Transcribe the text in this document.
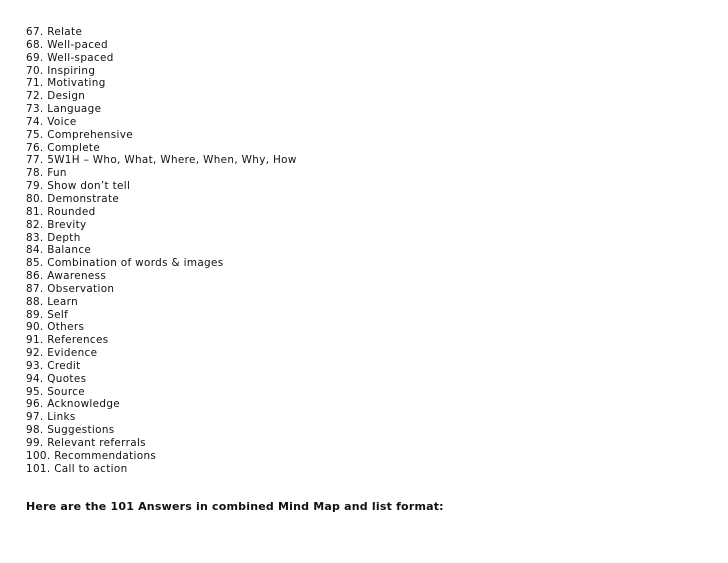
67. Relate
68. Well-paced
69. Well-spaced
70. Inspiring
71. Motivating
72. Design
73. Language
74. Voice
75. Comprehensive
76. Complete
77. 5W1H – Who, What, Where, When, Why, How
78. Fun
79. Show don’t tell
80. Demonstrate
81. Rounded
82. Brevity
83. Depth
84. Balance
85. Combination of words & images
86. Awareness
87. Observation
88. Learn
89. Self
90. Others
91. References
92. Evidence
93. Credit
94. Quotes
95. Source
96. Acknowledge
97. Links
98. Suggestions
99. Relevant referrals
100. Recommendations
101. Call to action

Here are the 101 Answers in combined Mind Map and list format:
